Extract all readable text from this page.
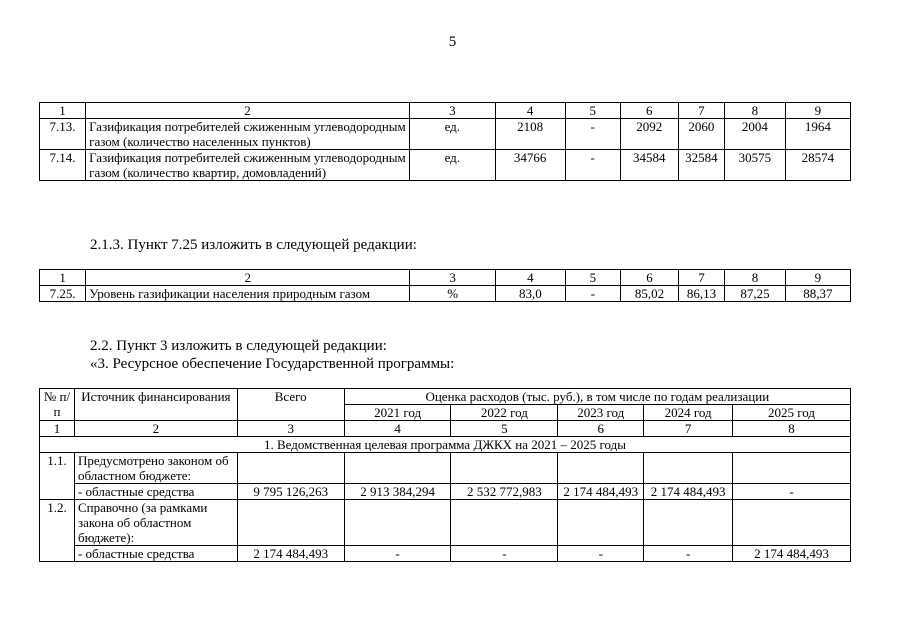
5
1	2	3	4	5	6	7	8	9
7.13.	Газификация потребителей сжиженным углеводородным газом (количество населенных пунктов)	ед.	2108	-	2092	2060	2004	1964
7.14.	Газификация потребителей сжиженным углеводородным газом (количество квартир, домовладений)	ед.	34766	-	34584	32584	30575	28574
2.1.3. Пункт 7.25 изложить в следующей редакции:
1	2	3	4	5	6	7	8	9
7.25.	Уровень газификации населения природным газом	%	83,0	-	85,02	86,13	87,25	88,37
2.2. Пункт 3 изложить в следующей редакции:
«3. Ресурсное обеспечение Государственной программы:
№ п/п	Источник финансирования	Всего	Оценка расходов (тыс. руб.), в том числе по годам реализации				
			2021 год	2022 год	2023 год	2024 год	2025 год
1	2	3	4	5	6	7	8
1. Ведомственная целевая программа ДЖКХ на 2021 – 2025 годы							
1.1.	Предусмотрено законом об областном бюджете:						
	- областные средства	9 795 126,263	2 913 384,294	2 532 772,983	2 174 484,493	2 174 484,493	-
1.2.	Справочно (за рамками закона об областном бюджете):						
	- областные средства	2 174 484,493	-	-	-	-	2 174 484,493
